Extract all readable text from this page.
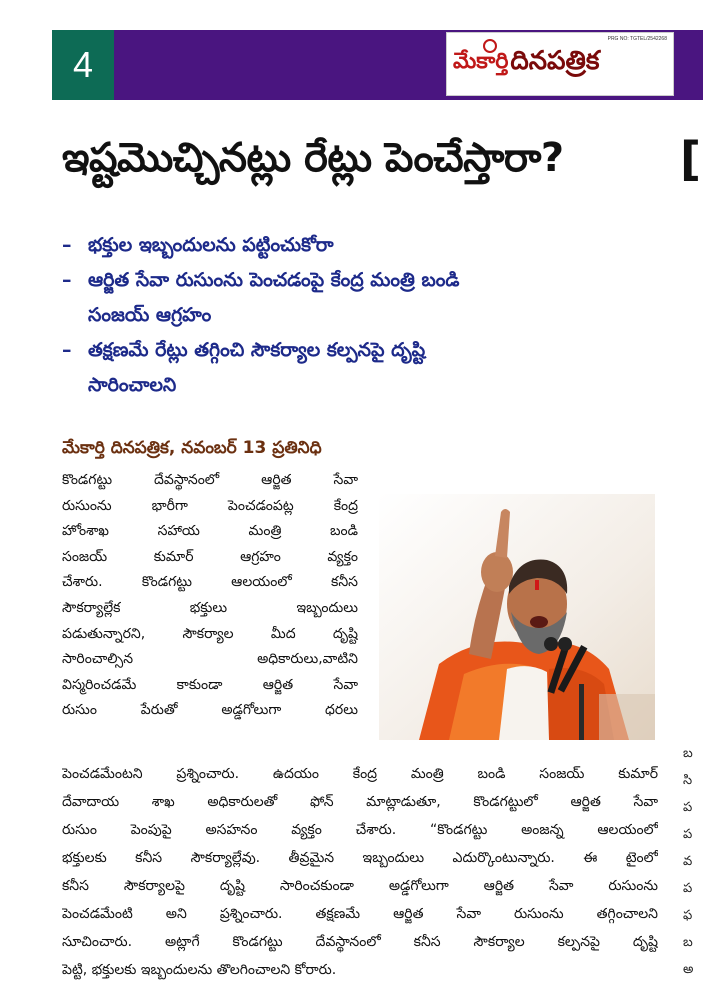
4	మేకార్తి దినపత్రిక
PRG NO: TGTEL/2542268
ఇష్టమొచ్చినట్లు రేట్లు పెంచేస్తారా?	[
– భక్తుల ఇబ్బందులను పట్టించుకోరా
– ఆర్జిత సేవా రుసుంను పెంచడంపై కేంద్ర మంత్రి బండి
సంజయ్ ఆగ్రహం
– తక్షణమే రేట్లు తగ్గించి సౌకర్యాల కల్పనపై దృష్టి
సారించాలని
మేకార్తి దినపత్రిక, నవంబర్ 13 ప్రతినిధి
కొండగట్టు దేవస్థానంలో ఆర్జిత సేవా
రుసుంను భారీగా పెంచడంపట్ల కేంద్ర
హోంశాఖ సహాయ మంత్రి బండి
సంజయ్ కుమార్ ఆగ్రహం వ్యక్తం
చేశారు. కొండగట్టు ఆలయంలో కనీస
సౌకర్యాల్లేక భక్తులు ఇబ్బందులు
పడుతున్నారని, సౌకర్యాల మీద దృష్టి
సారించాల్సిన అధికారులు,వాటిని
విస్మరించడమే కాకుండా ఆర్జిత సేవా
రుసుం పేరుతో అడ్డగోలుగా ధరలు
పెంచడమేంటని ప్రశ్నించారు. ఉదయం కేంద్ర మంత్రి బండి సంజయ్ కుమార్
దేవాదాయ శాఖ అధికారులతో ఫోన్ మాట్లాడుతూ, కొండగట్టులో ఆర్జిత సేవా
రుసుం పెంపుపై అసహనం వ్యక్తం చేశారు. “కొండగట్టు అంజన్న ఆలయంలో
భక్తులకు కనీస సౌకర్యాల్లేవు. తీవ్రమైన ఇబ్బందులు ఎదుర్కొంటున్నారు. ఈ టైంలో
కనీస సౌకర్యాలపై దృష్టి సారించకుండా అడ్డగోలుగా ఆర్జిత సేవా రుసుంను
పెంచడమేంటి అని ప్రశ్నించారు. తక్షణమే ఆర్జిత సేవా రుసుంను తగ్గించాలని
సూచించారు. అట్లాగే కొండగట్టు దేవస్థానంలో కనీస సౌకర్యాల కల్పనపై దృష్టి
పెట్టి, భక్తులకు ఇబ్బందులను తొలగించాలని కోరారు.
బ
సి
ప
ప
వ
ప
ఫ
బ
అ
